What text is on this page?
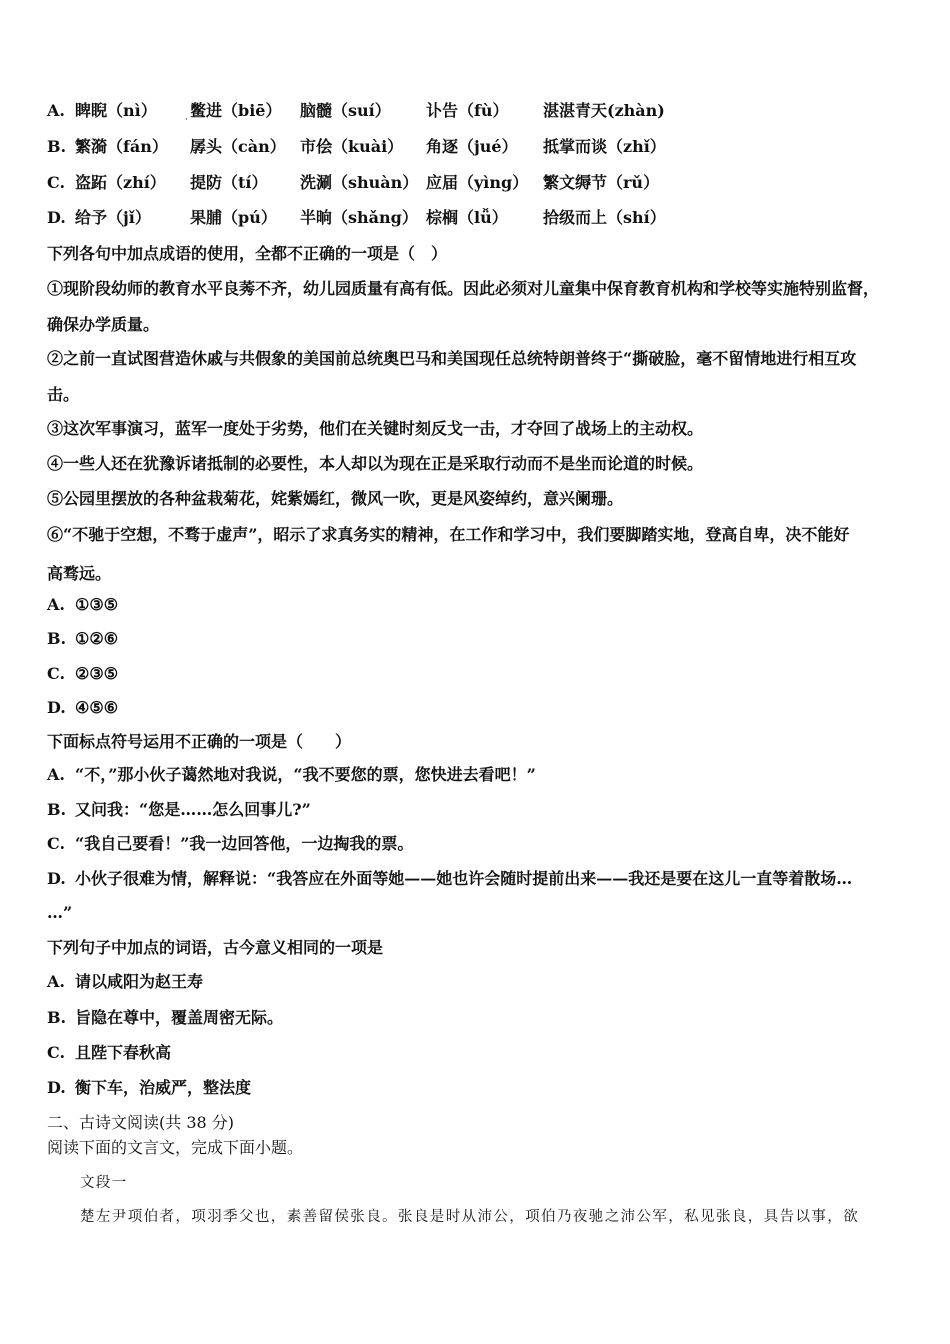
A. 睥睨（nì） 鳖进（biē） 脑髓（suí） 讣告（fù） 湛湛青天(zhàn)
·
B. 繁漪（fán） 孱头（càn） 市侩（kuài） 角逐（jué） 抵掌而谈（zhǐ）
C. 盗跖（zhí） 提防（tí） 洗涮（shuàn） 应届（yìng） 繁文缛节（rǔ）
D. 给予（jǐ） 果脯（pú） 半晌（shǎng） 棕榈（lǚ） 拾级而上（shí）
下列各句中加点成语的使用，全都不正确的一项是（　）
①现阶段幼师的教育水平良莠不齐，幼儿园质量有高有低。因此必须对儿童集中保育教育机构和学校等实施特别监督，
确保办学质量。
②之前一直试图营造休戚与共假象的美国前总统奥巴马和美国现任总统特朗普终于“撕破脸，毫不留情地进行相互攻
击。
③这次军事演习，蓝军一度处于劣势，他们在关键时刻反戈一击，才夺回了战场上的主动权。
④一些人还在犹豫诉诸抵制的必要性，本人却以为现在正是采取行动而不是坐而论道的时候。
⑤公园里摆放的各种盆栽菊花，姹紫嫣红，微风一吹，更是风姿绰约，意兴阑珊。
⑥“不驰于空想，不骛于虚声”，昭示了求真务实的精神，在工作和学习中，我们要脚踏实地，登高自卑，决不能好
高骛远。
A. ①③⑤
B. ①②⑥
C. ②③⑤
D. ④⑤⑥
下面标点符号运用不正确的一项是（　　）
A. “不，”那小伙子蔼然地对我说，“我不要您的票，您快进去看吧！”
B. 又问我：“您是……怎么回事儿?”
C. “我自己要看！”我一边回答他，一边掏我的票。
D. 小伙子很难为情，解释说：“我答应在外面等她——她也许会随时提前出来——我还是要在这儿一直等着散场…
…”
下列句子中加点的词语，古今意义相同的一项是
A. 请以咸阳为赵王寿
B. 旨隐在尊中，覆盖周密无际。
C. 且陛下春秋高
D. 衡下车，治威严，整法度
二、古诗文阅读(共 38 分)
阅读下面的文言文，完成下面小题。
文段一
楚左尹项伯者，项羽季父也，素善留侯张良。张良是时从沛公，项伯乃夜驰之沛公军，私见张良，具告以事，欲
